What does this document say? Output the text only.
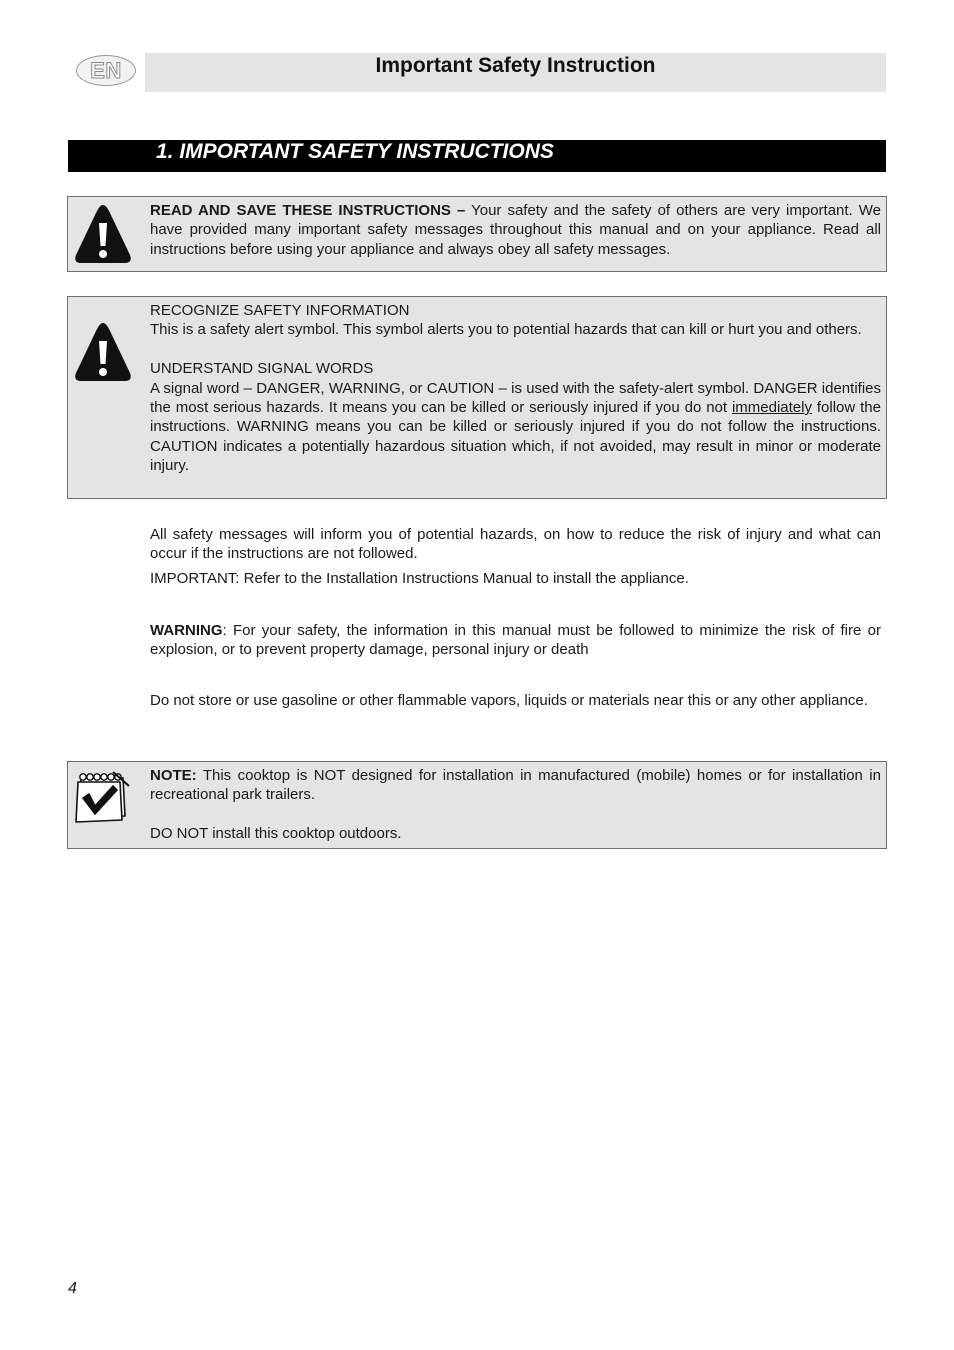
EN	Important Safety Instruction
1. IMPORTANT SAFETY INSTRUCTIONS

READ AND SAVE THESE INSTRUCTIONS – Your safety and the safety of others are very important. We have provided many important safety messages throughout this manual and on your appliance. Read all instructions before using your appliance and always obey all safety messages.

RECOGNIZE SAFETY INFORMATION

This is a safety alert symbol. This symbol alerts you to potential hazards that can kill or hurt you and others.

UNDERSTAND SIGNAL WORDS

A signal word – DANGER, WARNING, or CAUTION – is used with the safety-alert symbol. DANGER identifies the most serious hazards. It means you can be killed or seriously injured if you do not immediately follow the instructions. WARNING means you can be killed or seriously injured if you do not follow the instructions. CAUTION indicates a potentially hazardous situation which, if not avoided, may result in minor or moderate injury.

All safety messages will inform you of potential hazards, on how to reduce the risk of injury and what can occur if the instructions are not followed.

IMPORTANT: Refer to the Installation Instructions Manual to install the appliance.

WARNING: For your safety, the information in this manual must be followed to minimize the risk of fire or explosion, or to prevent property damage, personal injury or death

Do not store or use gasoline or other flammable vapors, liquids or materials near this or any other appliance.

NOTE: This cooktop is NOT designed for installation in manufactured (mobile) homes or for installation in recreational park trailers.

DO NOT install this cooktop outdoors.

4
